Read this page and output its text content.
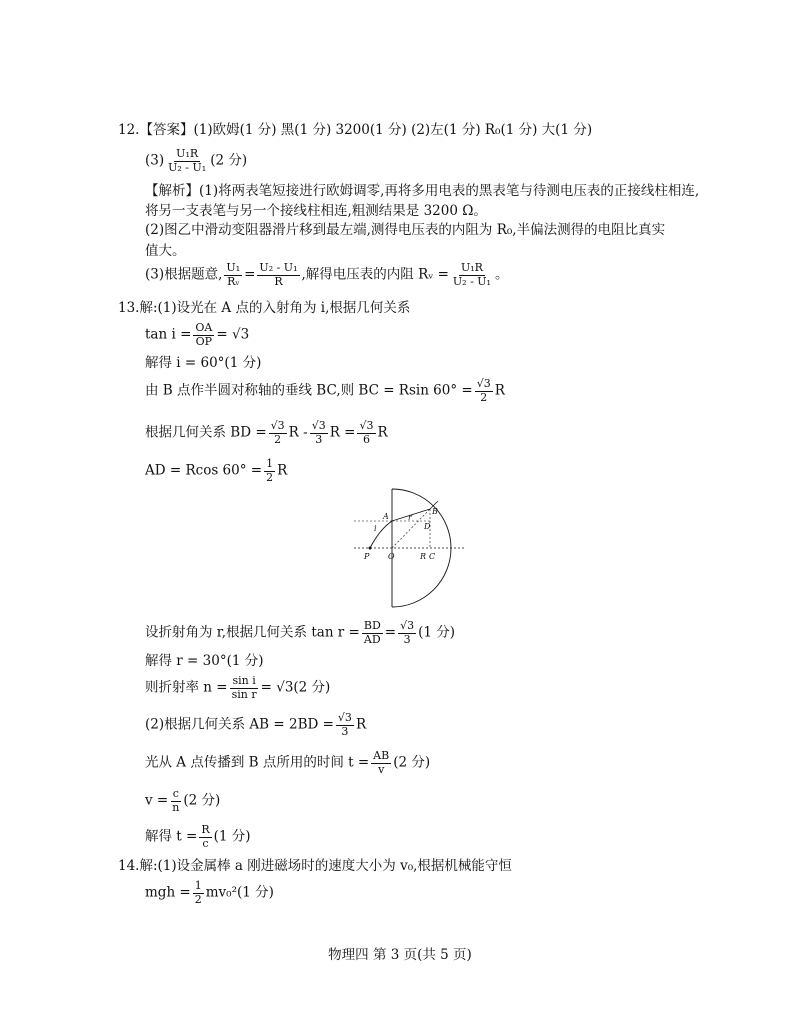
12.【答案】(1)欧姆(1 分) 黑(1 分) 3200(1 分) (2)左(1 分) R₀(1 分) 大(1 分)
$(3) \frac{\text{U₁R}}{\text{U₂ - U₁}} (2$ 分)
【解析】(1)将两表笔短接进行欧姆调零,再将多用电表的黑表笔与待测电压表的正接线柱相连,
将另一支表笔与另一个接线柱相连,粗测结果是 3200 Ω。
(2)图乙中滑动变阻器滑片移到最左端,测得电压表的内阻为 R₀,半偏法测得的电阻比真实
值大。
(3)根据题意, $\frac{\text{U₁}}{\text{Rᵥ}} = \frac{\text{U₂ - U₁}}{R}$ ,解得电压表的内阻 Rᵥ = $\frac{\text{U₁R}}{\text{U₂ - U₁}}$ 。
13.解:(1)设光在 A 点的入射角为 i,根据几何关系
$\tan i = \frac{OA}{OP} = √3$
解得 i = 60°(1 分)
由 B 点作半圆对称轴的垂线 BC,则 BC = Rsin $60^\circ = \frac{√3}{2}$ R
根据几何关系 BD = $\frac{√3}{2}$ R - $\frac{√3}{3}$ $R = \frac{√3}{6}$ R
AD = Rcos $60^\circ = \frac{1}{2}$ R
A
B
D
i
r
P O	R C
设折射角为 r,根据几何关系 $\tan r = \frac{BD}{AD} = \frac{√3}{3} (1$ 分)
解得 r = 30°(1 分)
则折射率 $n = \frac{\text{sin i}}{\text{sin r}} = √3(2$ 分)
(2)根据几何关系 AB = $2BD = \frac{√3}{3}$ R
光从 A 点传播到 B 点所用的时间 $t = \frac{AB}{v} (2$ 分)
$v = \frac{c}{n} (2$ 分)
解得 $t = \frac{R}{c} (1$ 分)
14.解:(1)设金属棒 a 刚进磁场时的速度大小为 v₀,根据机械能守恒
mgh = $\frac{1}{2} mv_0^2(1$ 分)
物理四 第 3 页(共 5 页)
